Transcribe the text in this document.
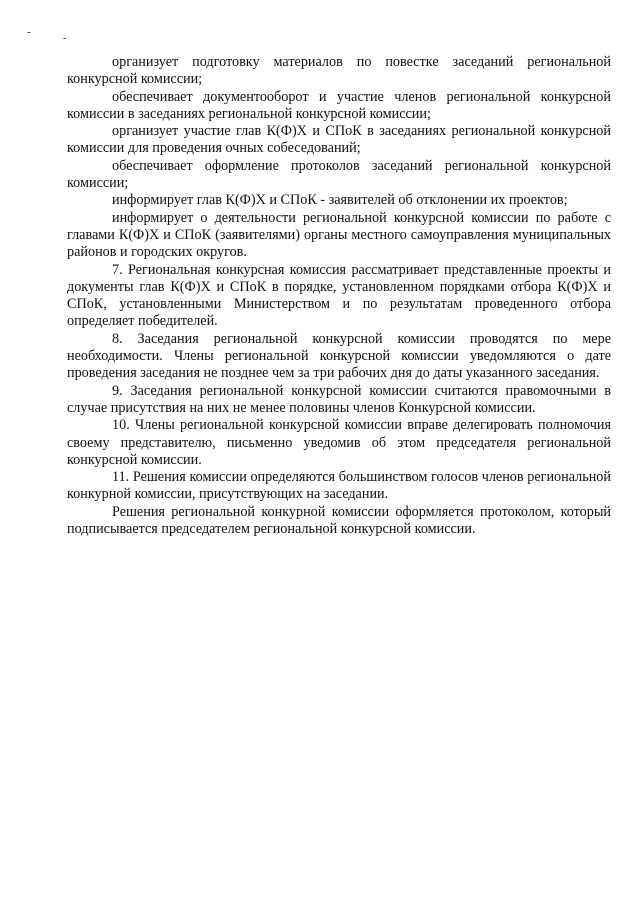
-	-

организует подготовку материалов по повестке заседаний региональной конкурсной комиссии;

обеспечивает документооборот и участие членов региональной конкурсной комиссии в заседаниях региональной конкурсной комиссии;

организует участие глав К(Ф)Х и СПоК в заседаниях региональной конкурсной комиссии для проведения очных собеседований;

обеспечивает оформление протоколов заседаний региональной конкурсной комиссии;

информирует глав К(Ф)Х и СПоК - заявителей об отклонении их проектов;

информирует о деятельности региональной конкурсной комиссии по работе с главами К(Ф)Х и СПоК (заявителями) органы местного самоуправления муниципальных районов и городских округов.

7. Региональная конкурсная комиссия рассматривает представленные проекты и документы глав К(Ф)Х и СПоК в порядке, установленном порядками отбора К(Ф)Х и СПоК, установленными Министерством и по результатам проведенного отбора определяет победителей.

8. Заседания региональной конкурсной комиссии проводятся по мере необходимости. Члены региональной конкурсной комиссии уведомляются о дате проведения заседания не позднее чем за три рабочих дня до даты указанного заседания.

9. Заседания региональной конкурсной комиссии считаются правомочными в случае присутствия на них не менее половины членов Конкурсной комиссии.

10. Члены региональной конкурсной комиссии вправе делегировать полномочия своему представителю, письменно уведомив об этом председателя региональной конкурсной комиссии.

11. Решения комиссии определяются большинством голосов членов региональной конкурной комиссии, присутствующих на заседании.

Решения региональной конкурной комиссии оформляется протоколом, который подписывается председателем региональной конкурсной комиссии.
